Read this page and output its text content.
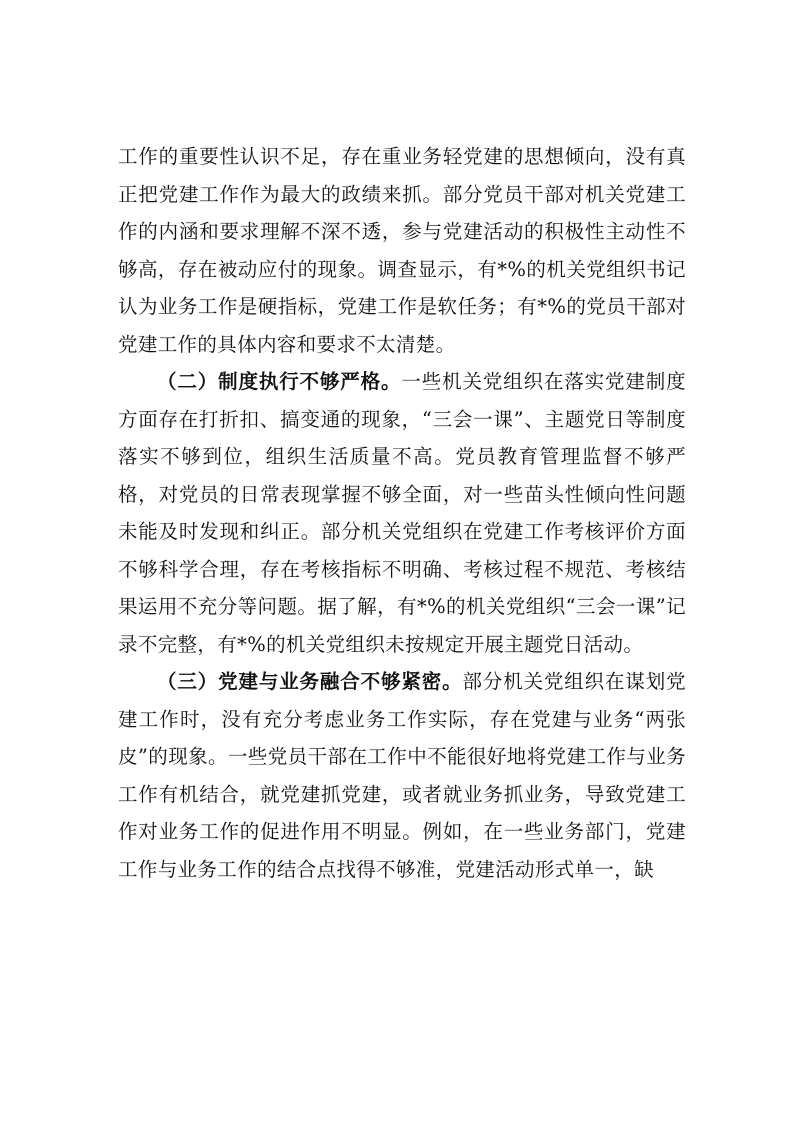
工作的重要性认识不足，存在重业务轻党建的思想倾向，没有真正把党建工作作为最大的政绩来抓。部分党员干部对机关党建工作的内涵和要求理解不深不透，参与党建活动的积极性主动性不够高，存在被动应付的现象。调查显示，有*%的机关党组织书记认为业务工作是硬指标，党建工作是软任务；有*%的党员干部对党建工作的具体内容和要求不太清楚。

（二）制度执行不够严格。一些机关党组织在落实党建制度方面存在打折扣、搞变通的现象，“三会一课”、主题党日等制度落实不够到位，组织生活质量不高。党员教育管理监督不够严格，对党员的日常表现掌握不够全面，对一些苗头性倾向性问题未能及时发现和纠正。部分机关党组织在党建工作考核评价方面不够科学合理，存在考核指标不明确、考核过程不规范、考核结果运用不充分等问题。据了解，有*%的机关党组织“三会一课”记录不完整，有*%的机关党组织未按规定开展主题党日活动。

（三）党建与业务融合不够紧密。部分机关党组织在谋划党建工作时，没有充分考虑业务工作实际，存在党建与业务“两张皮”的现象。一些党员干部在工作中不能很好地将党建工作与业务工作有机结合，就党建抓党建，或者就业务抓业务，导致党建工作对业务工作的促进作用不明显。例如，在一些业务部门，党建工作与业务工作的结合点找得不够准，党建活动形式单一，缺
